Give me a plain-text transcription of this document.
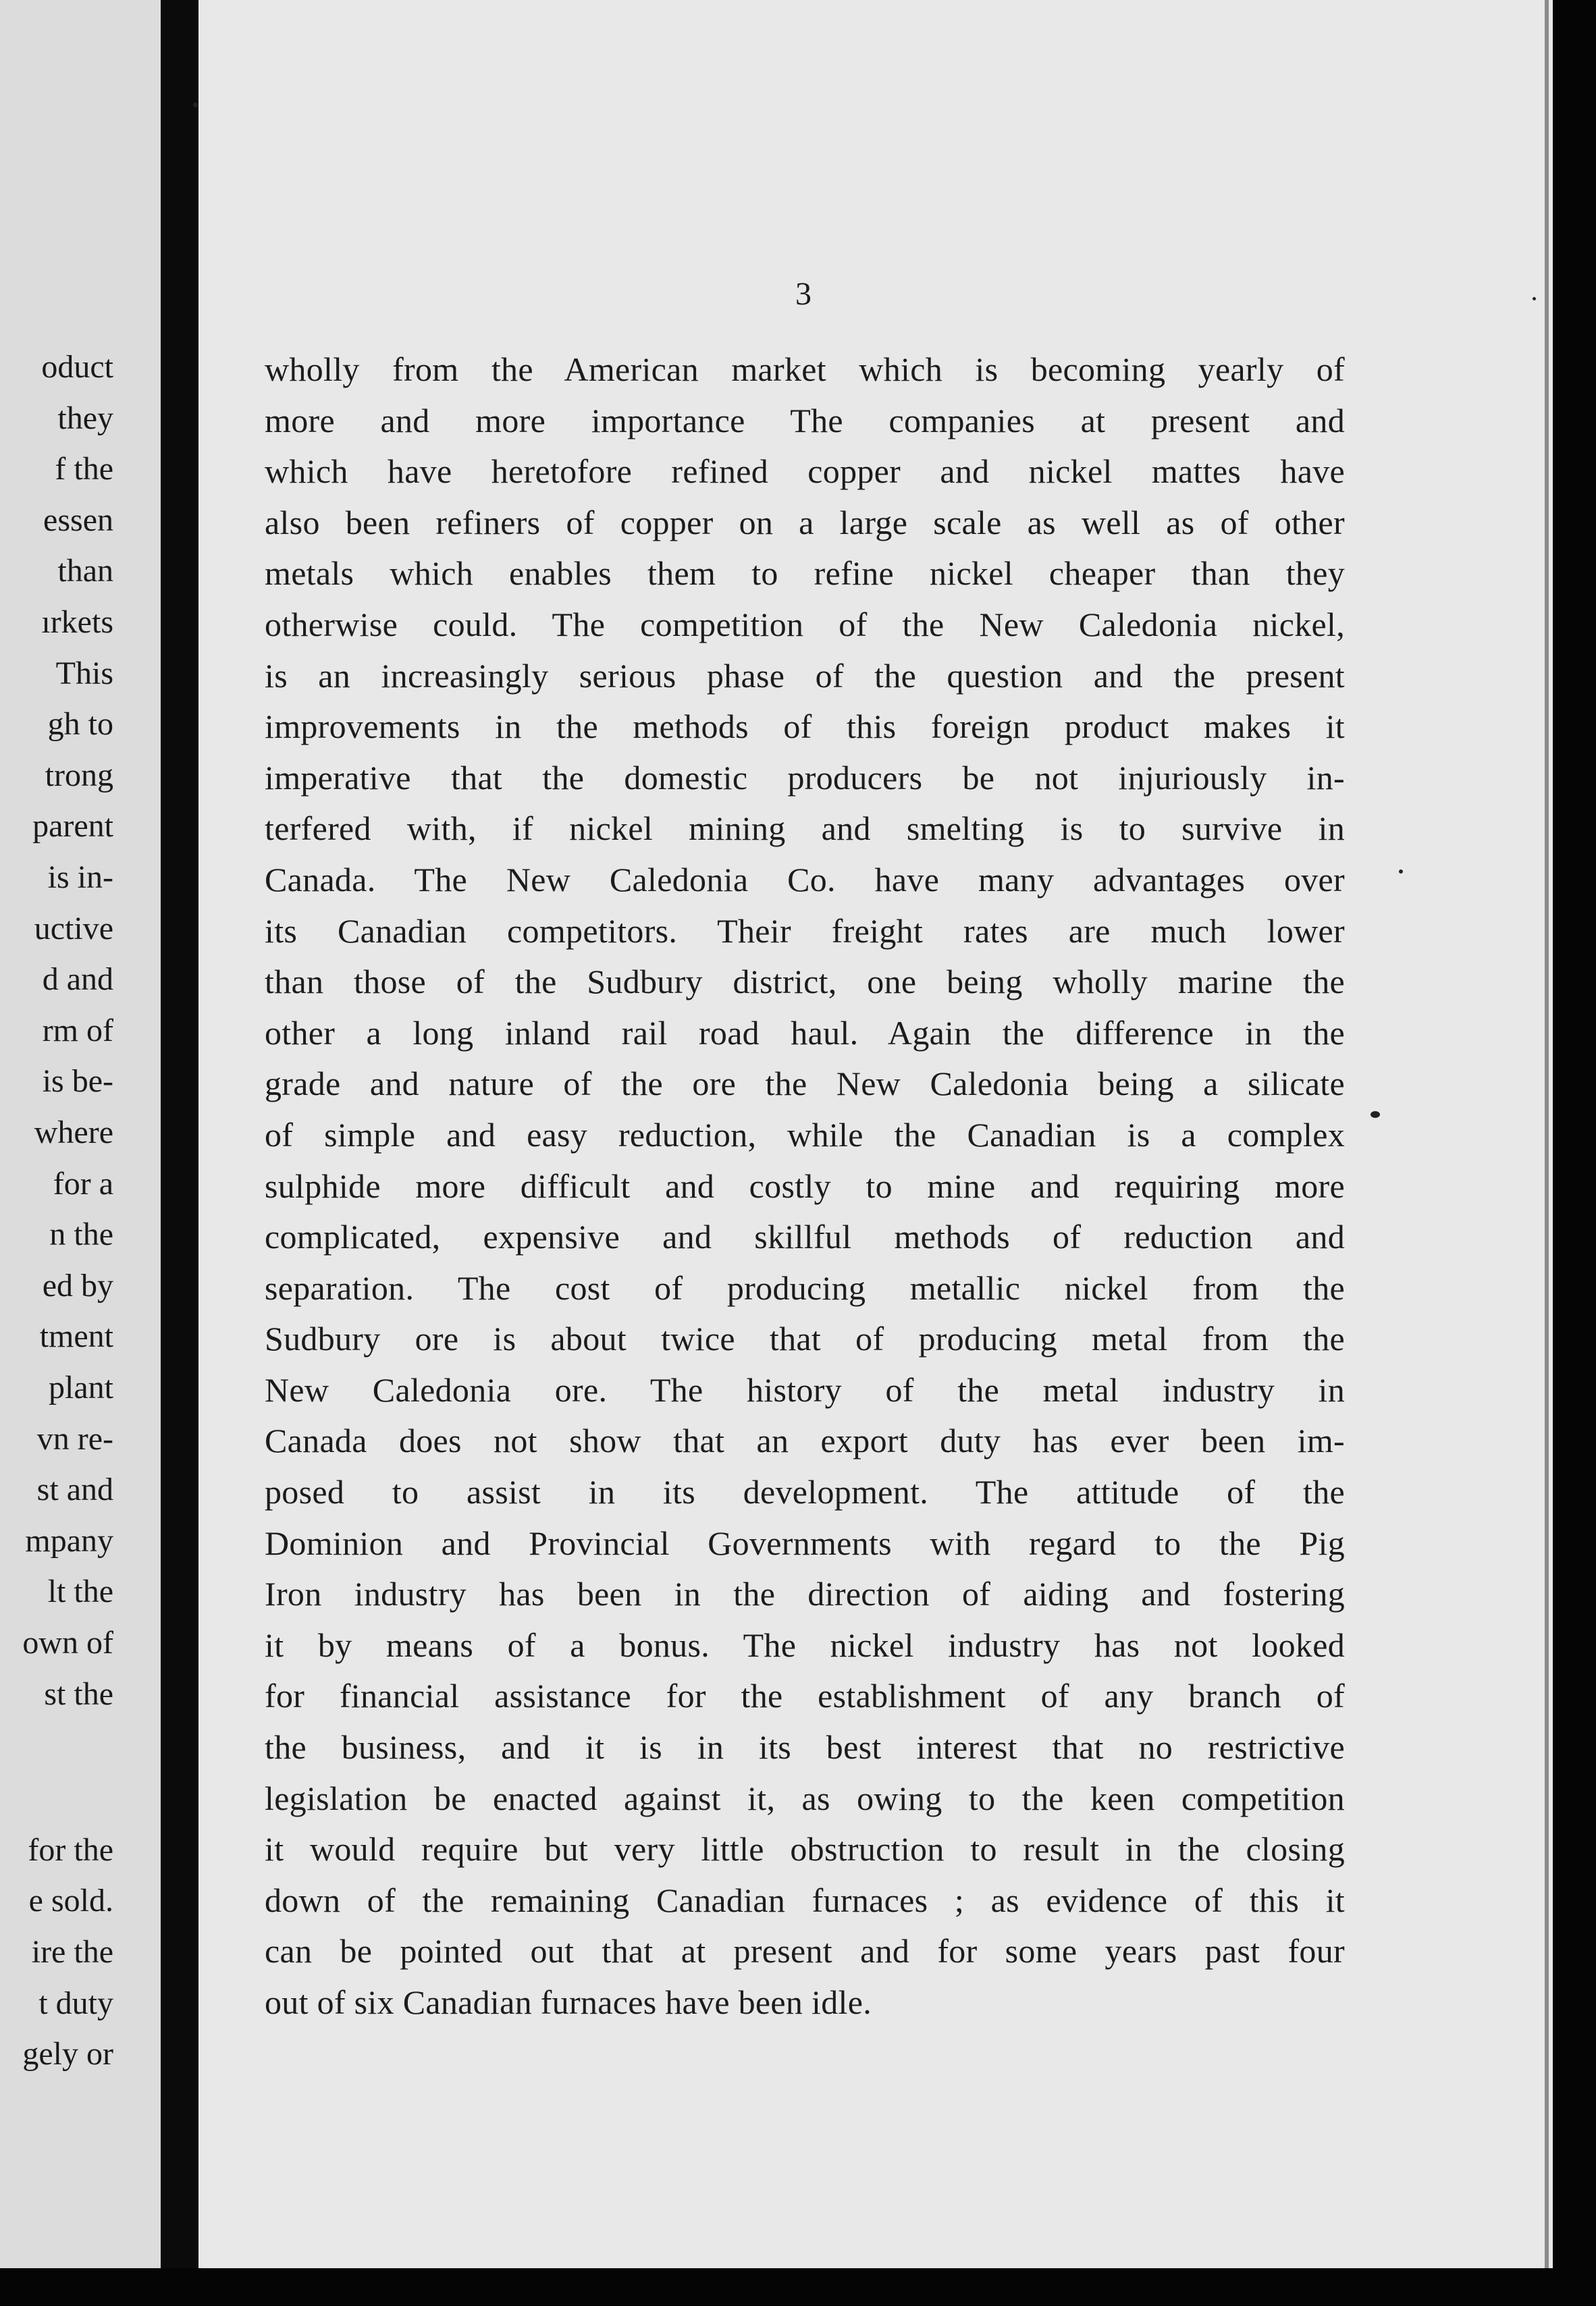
oduct
they
f the
essen
than
ırkets
This
gh to
trong
parent
is in-
uctive
d and
rm of
is be-
where
for a
n the
ed by
tment
plant
vn re-
st and
mpany
lt the
own of
st the
for the
e sold.
ire the
t duty
gely or
3
wholly from the American market which is becoming yearly of
more and more importance The companies at present and
which have heretofore refined copper and nickel mattes have
also been refiners of copper on a large scale as well as of other
metals which enables them to refine nickel cheaper than they
otherwise could. The competition of the New Caledonia nickel,
is an increasingly serious phase of the question and the present
improvements in the methods of this foreign product makes it
imperative that the domestic producers be not injuriously in-
terfered with, if nickel mining and smelting is to survive in
Canada. The New Caledonia Co. have many advantages over
its Canadian competitors. Their freight rates are much lower
than those of the Sudbury district, one being wholly marine the
other a long inland rail road haul. Again the difference in the
grade and nature of the ore the New Caledonia being a silicate
of simple and easy reduction, while the Canadian is a complex
sulphide more difficult and costly to mine and requiring more
complicated, expensive and skillful methods of reduction and
separation. The cost of producing metallic nickel from the
Sudbury ore is about twice that of producing metal from the
New Caledonia ore. The history of the metal industry in
Canada does not show that an export duty has ever been im-
posed to assist in its development. The attitude of the
Dominion and Provincial Governments with regard to the Pig
Iron industry has been in the direction of aiding and fostering
it by means of a bonus. The nickel industry has not looked
for financial assistance for the establishment of any branch of
the business, and it is in its best interest that no restrictive
legislation be enacted against it, as owing to the keen competition
it would require but very little obstruction to result in the closing
down of the remaining Canadian furnaces ; as evidence of this it
can be pointed out that at present and for some years past four
out of six Canadian furnaces have been idle.
